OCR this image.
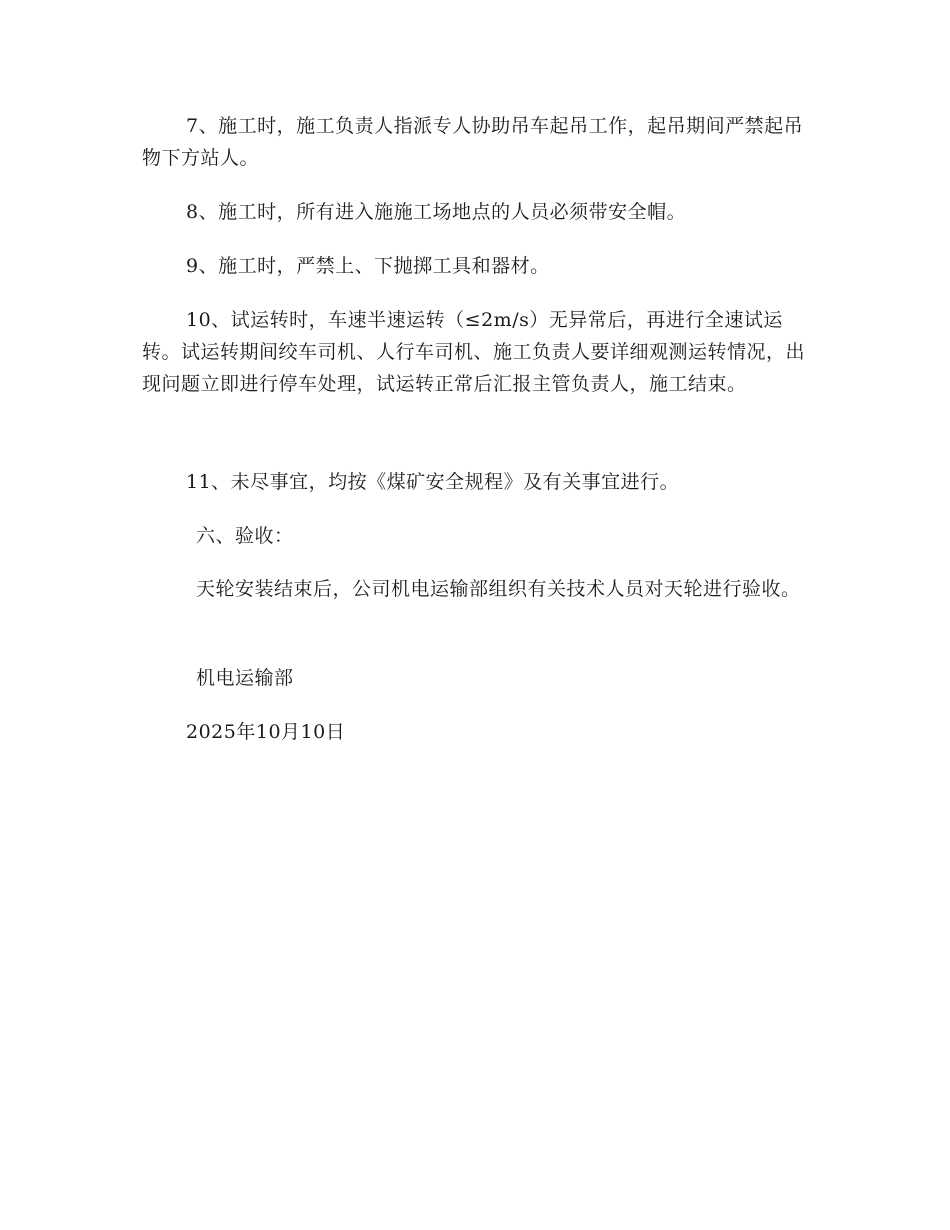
7、施工时，施工负责人指派专人协助吊车起吊工作，起吊期间严禁起吊物下方站人。

8、施工时，所有进入施施工场地点的人员必须带安全帽。

9、施工时，严禁上、下抛掷工具和器材。

10、试运转时，车速半速运转（≤2m/s）无异常后，再进行全速试运转。试运转期间绞车司机、人行车司机、施工负责人要详细观测运转情况，出现问题立即进行停车处理，试运转正常后汇报主管负责人，施工结束。

11、未尽事宜，均按《煤矿安全规程》及有关事宜进行。

六、验收：

天轮安装结束后，公司机电运输部组织有关技术人员对天轮进行验收。

机电运输部

2025年10月10日
